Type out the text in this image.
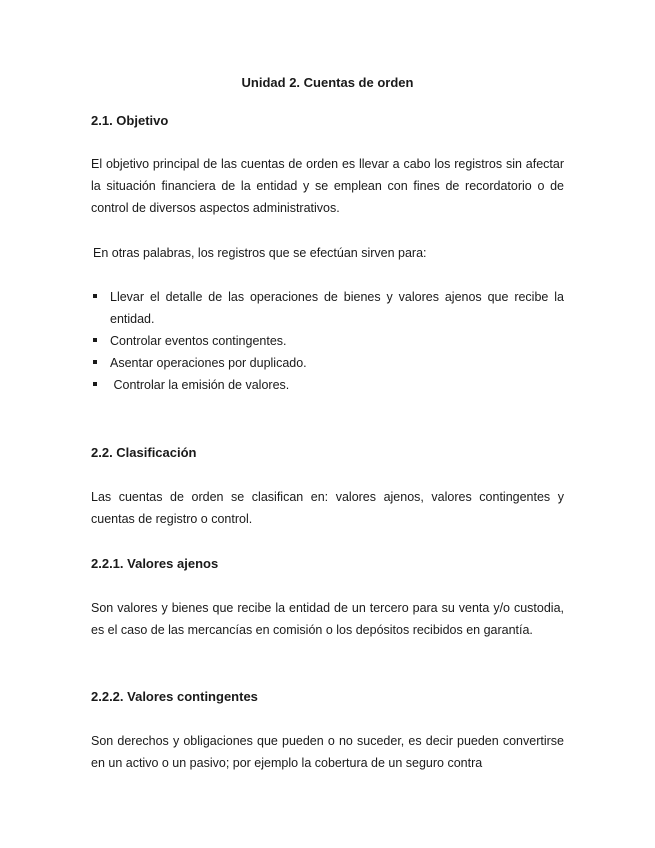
Unidad 2. Cuentas de orden
2.1. Objetivo

El objetivo principal de las cuentas de orden es llevar a cabo los registros sin afectar la situación financiera de la entidad y se emplean con fines de recordatorio o de control de diversos aspectos administrativos.

En otras palabras, los registros que se efectúan sirven para:

Llevar el detalle de las operaciones de bienes y valores ajenos que recibe la entidad.
Controlar eventos contingentes.
Asentar operaciones por duplicado.
Controlar la emisión de valores.
2.2. Clasificación

Las cuentas de orden se clasifican en: valores ajenos, valores contingentes y cuentas de registro o control.

2.2.1. Valores ajenos

Son valores y bienes que recibe la entidad de un tercero para su venta y/o custodia, es el caso de las mercancías en comisión o los depósitos recibidos en garantía.

2.2.2. Valores contingentes

Son derechos y obligaciones que pueden o no suceder, es decir pueden convertirse en un activo o un pasivo; por ejemplo la cobertura de un seguro contra
